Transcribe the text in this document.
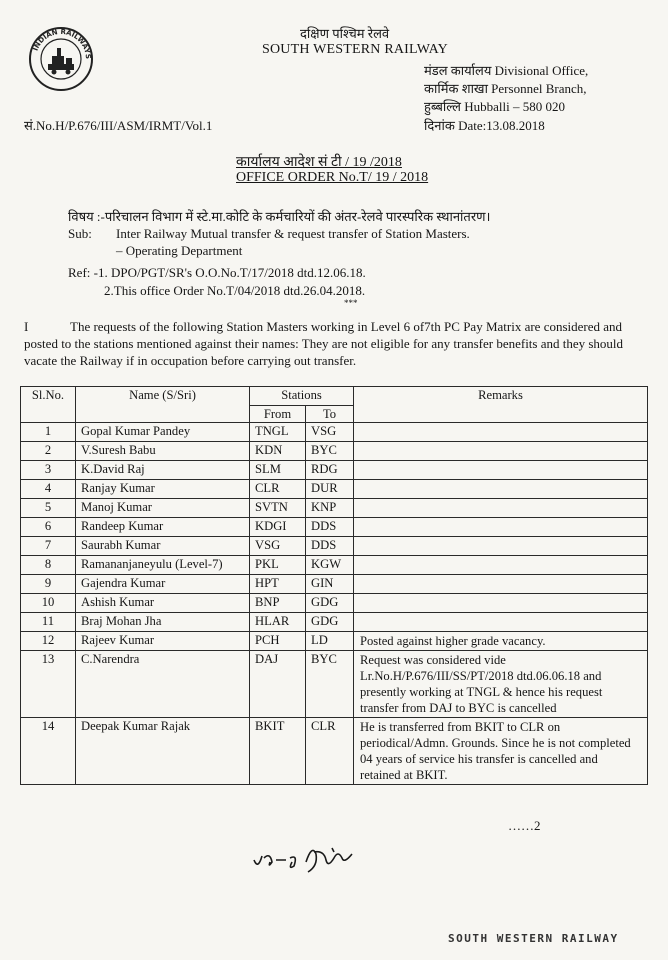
INDIAN RAILWAYS
दक्षिण पश्चिम रेलवे
SOUTH WESTERN RAILWAY
मंडल कार्यालय Divisional Office,
कार्मिक शाखा Personnel Branch,
हुब्बल्लि Hubballi – 580 020
सं.No.H/P.676/III/ASM/IRMT/Vol.1	दिनांक Date:13.08.2018
कार्यालय आदेश सं टी / 19 /2018
OFFICE ORDER No.T/ 19 / 2018
विषय :-परिचालन विभाग में स्टे.मा.कोटि के कर्मचारियों की अंतर-रेलवे पारस्परिक स्थानांतरण।
Sub: Inter Railway Mutual transfer & request transfer of Station Masters.
– Operating Department
Ref: -1. DPO/PGT/SR's O.O.No.T/17/2018 dtd.12.06.18.
2.This office Order No.T/04/2018 dtd.26.04.2018.
***
I	The requests of the following Station Masters working in Level 6 of7th PC Pay Matrix are considered and posted to the stations mentioned against their names: They are not eligible for any transfer benefits and they should vacate the Railway if in occupation before carrying out transfer.
Sl.No.	Name (S/Sri)	Stations		Remarks
		From	To	
1	Gopal Kumar Pandey	TNGL	VSG	
2	V.Suresh Babu	KDN	BYC	
3	K.David Raj	SLM	RDG	
4	Ranjay Kumar	CLR	DUR	
5	Manoj Kumar	SVTN	KNP	
6	Randeep Kumar	KDGI	DDS	
7	Saurabh Kumar	VSG	DDS	
8	Ramananjaneyulu (Level-7)	PKL	KGW	
9	Gajendra Kumar	HPT	GIN	
10	Ashish Kumar	BNP	GDG	
11	Braj Mohan Jha	HLAR	GDG	
12	Rajeev Kumar	PCH	LD	Posted against higher grade vacancy.
13	C.Narendra	DAJ	BYC	Request was considered vide Lr.No.H/P.676/III/SS/PT/2018 dtd.06.06.18 and presently working at TNGL & hence his request transfer from DAJ to BYC is cancelled
14	Deepak Kumar Rajak	BKIT	CLR	He is transferred from BKIT to CLR on periodical/Admn. Grounds. Since he is not completed 04 years of service his transfer is cancelled and retained at BKIT.
……2
SOUTH WESTERN RAILWAY
